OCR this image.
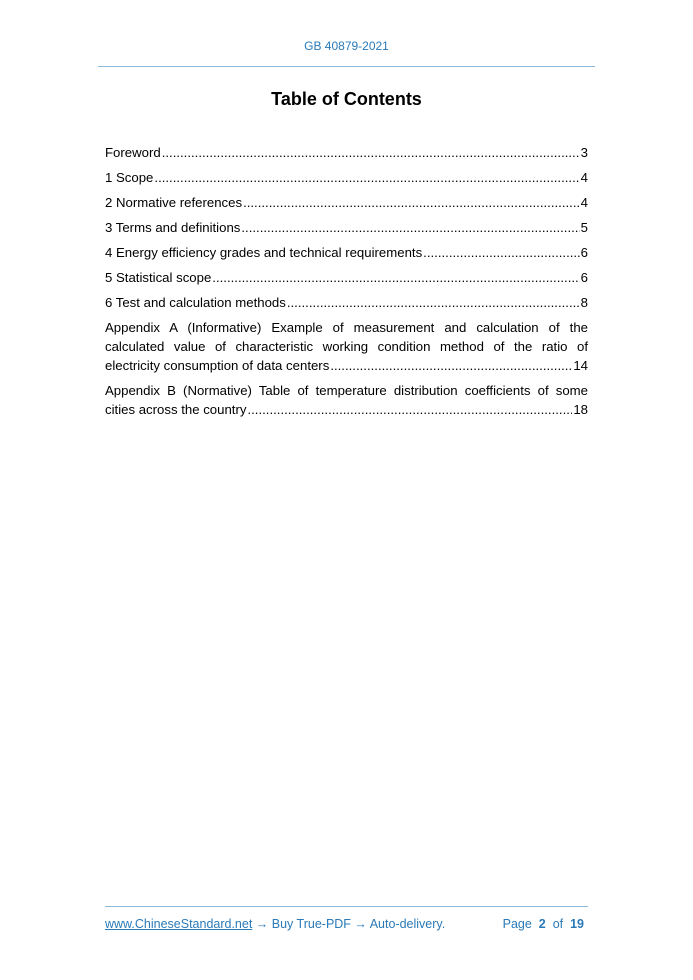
GB 40879-2021
Table of Contents
Foreword .....	3
1 Scope .....	4
2 Normative references .....	4
3 Terms and definitions .....	5
4 Energy efficiency grades and technical requirements .....	6
5 Statistical scope .....	6
6 Test and calculation methods .....	8
Appendix A (Informative) Example of measurement and calculation of the calculated value of characteristic working condition method of the ratio of
electricity consumption of data centers .....	14
Appendix B (Normative) Table of temperature distribution coefficients of some
cities across the country .....	18
www.ChineseStandard.net → Buy True-PDF → Auto-delivery.	Page 2 of 19
